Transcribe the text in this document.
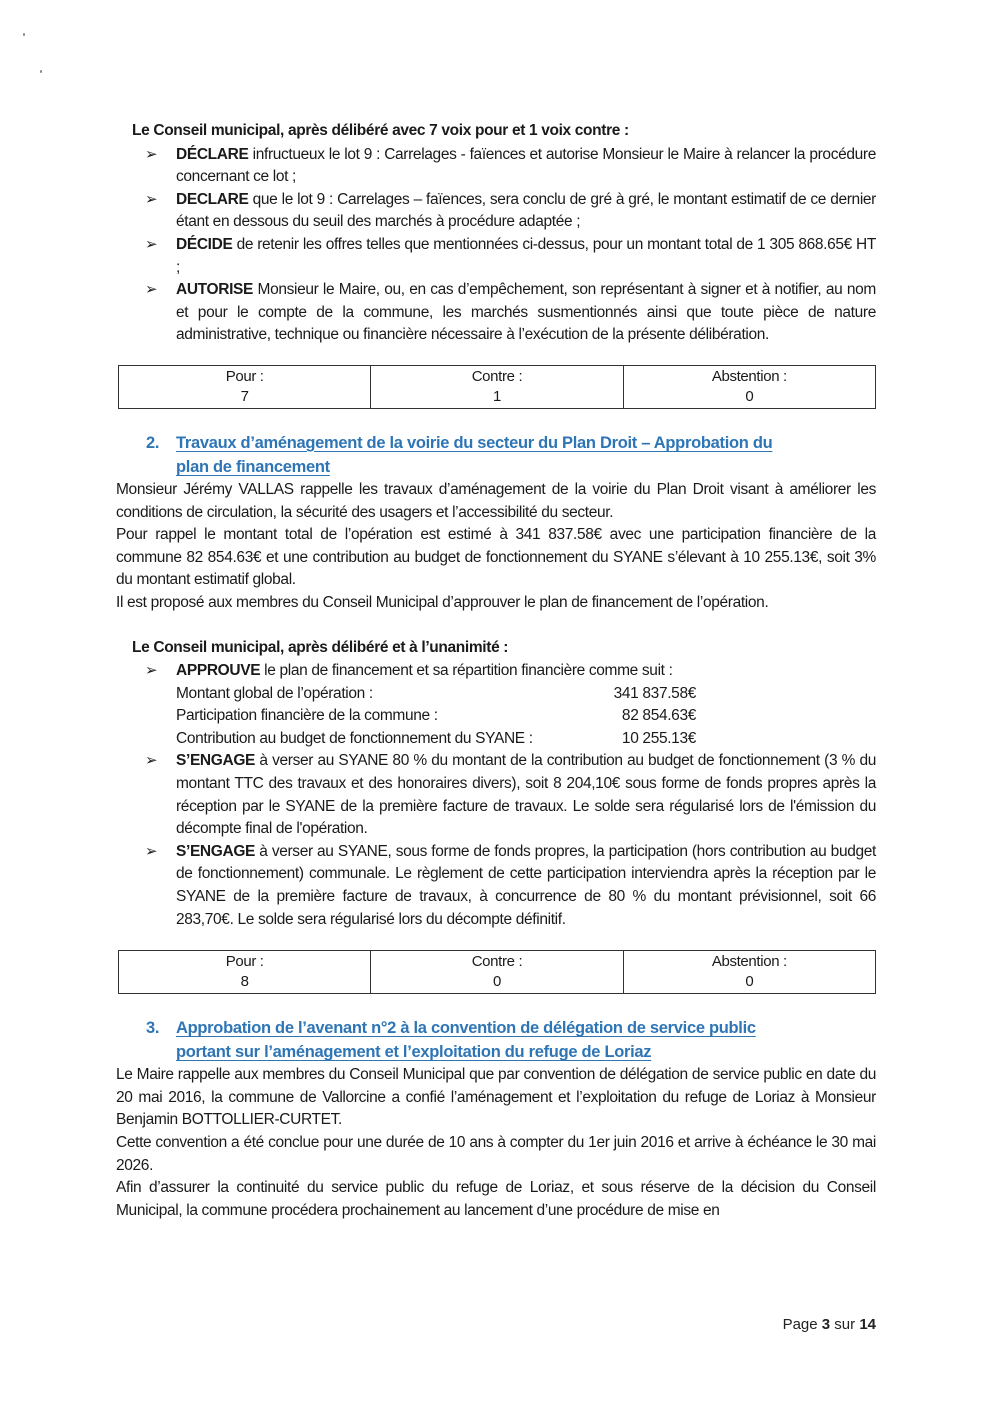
Le Conseil municipal, après délibéré avec 7 voix pour et 1 voix contre :
➢ DÉCLARE infructueux le lot 9 : Carrelages - faïences et autorise Monsieur le Maire à relancer la procédure concernant ce lot ;
➢ DECLARE que le lot 9 : Carrelages – faïences, sera conclu de gré à gré, le montant estimatif de ce dernier étant en dessous du seuil des marchés à procédure adaptée ;
➢ DÉCIDE de retenir les offres telles que mentionnées ci-dessus, pour un montant total de 1 305 868.65€ HT ;
➢ AUTORISE Monsieur le Maire, ou, en cas d’empêchement, son représentant à signer et à notifier, au nom et pour le compte de la commune, les marchés susmentionnés ainsi que toute pièce de nature administrative, technique ou financière nécessaire à l’exécution de la présente délibération.
Pour :
7

Contre :
1

Abstention :
0
2. Travaux d’aménagement de la voirie du secteur du Plan Droit – Approbation du
plan de financement

Monsieur Jérémy VALLAS rappelle les travaux d’aménagement de la voirie du Plan Droit visant à améliorer les conditions de circulation, la sécurité des usagers et l’accessibilité du secteur.

Pour rappel le montant total de l’opération est estimé à 341 837.58€ avec une participation financière de la commune 82 854.63€ et une contribution au budget de fonctionnement du SYANE s’élevant à 10 255.13€, soit 3% du montant estimatif global.

Il est proposé aux membres du Conseil Municipal d’approuver le plan de financement de l’opération.

Le Conseil municipal, après délibéré et à l’unanimité :
➢ APPROUVE le plan de financement et sa répartition financière comme suit :
Montant global de l’opération :	341 837.58€
Participation financière de la commune :	82 854.63€
Contribution au budget de fonctionnement du SYANE :	10 255.13€
➢ S’ENGAGE à verser au SYANE 80 % du montant de la contribution au budget de fonctionnement (3 % du montant TTC des travaux et des honoraires divers), soit 8 204,10€ sous forme de fonds propres après la réception par le SYANE de la première facture de travaux. Le solde sera régularisé lors de l'émission du décompte final de l'opération.
➢ S’ENGAGE à verser au SYANE, sous forme de fonds propres, la participation (hors contribution au budget de fonctionnement) communale. Le règlement de cette participation interviendra après la réception par le SYANE de la première facture de travaux, à concurrence de 80 % du montant prévisionnel, soit 66 283,70€. Le solde sera régularisé lors du décompte définitif.
Pour :
8

Contre :
0

Abstention :
0
3. Approbation de l’avenant n°2 à la convention de délégation de service public
portant sur l’aménagement et l’exploitation du refuge de Loriaz

Le Maire rappelle aux membres du Conseil Municipal que par convention de délégation de service public en date du 20 mai 2016, la commune de Vallorcine a confié l’aménagement et l’exploitation du refuge de Loriaz à Monsieur Benjamin BOTTOLLIER-CURTET.

Cette convention a été conclue pour une durée de 10 ans à compter du 1er juin 2016 et arrive à échéance le 30 mai 2026.

Afin d’assurer la continuité du service public du refuge de Loriaz, et sous réserve de la décision du Conseil Municipal, la commune procédera prochainement au lancement d’une procédure de mise en

Page 3 sur 14
